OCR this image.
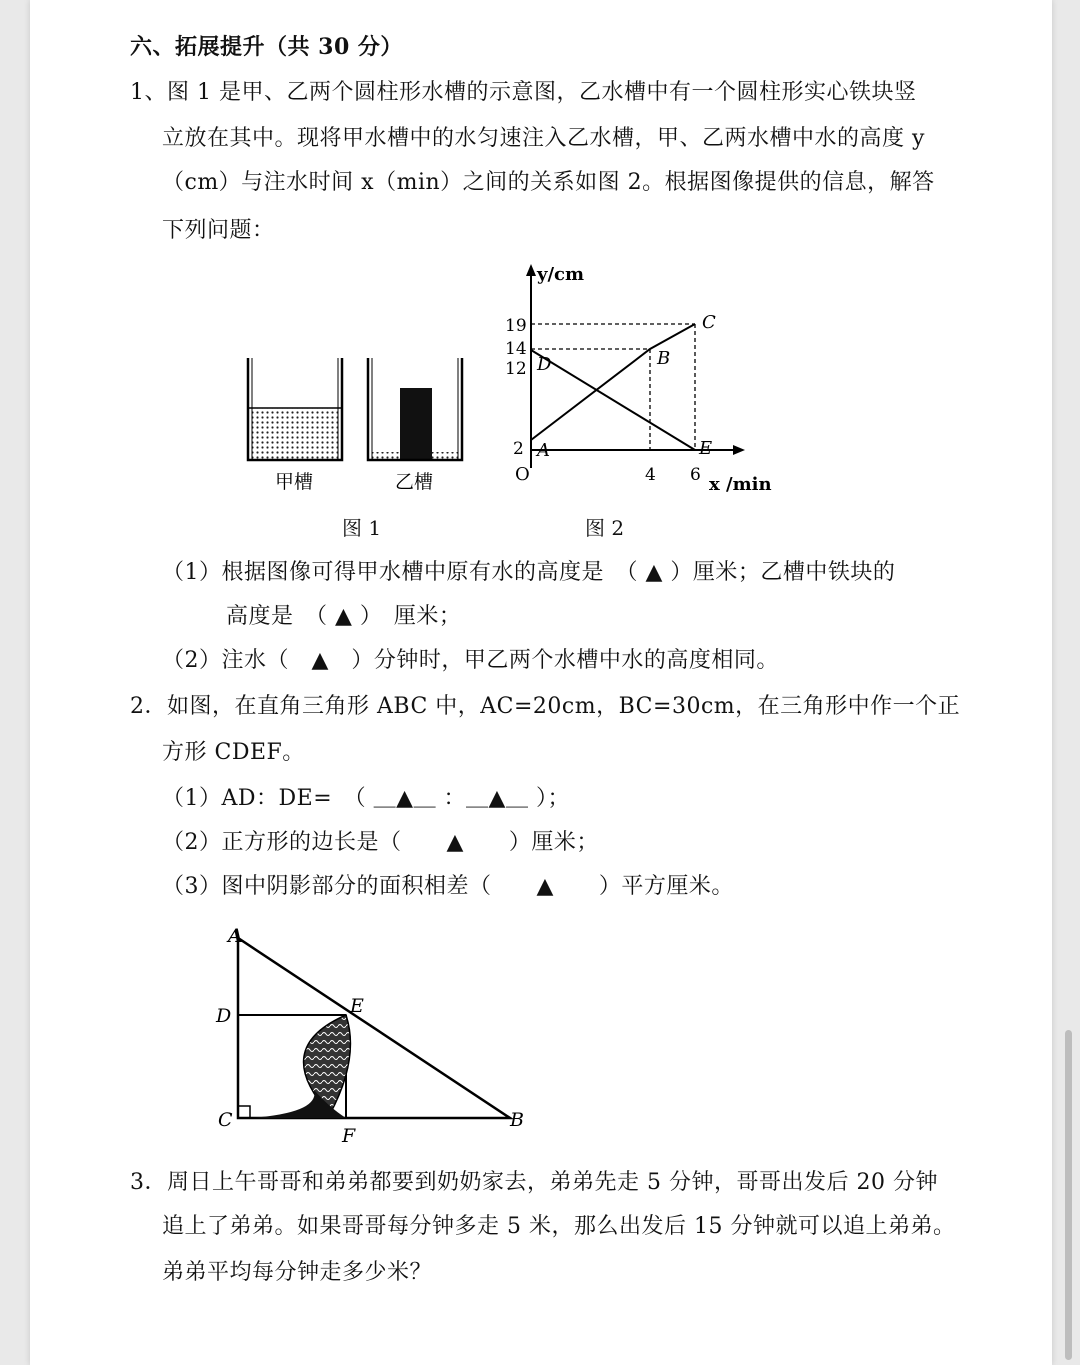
六、拓展提升（共 30 分）
1、图 1 是甲、乙两个圆柱形水槽的示意图，乙水槽中有一个圆柱形实心铁块竖
立放在其中。现将甲水槽中的水匀速注入乙水槽，甲、乙两水槽中水的高度 y
（cm）与注水时间 x（min）之间的关系如图 2。根据图像提供的信息，解答
下列问题：
甲槽	乙槽
图 1
y/cm
x /min
O
19
14
12
2
4 6
A
B
C
D
E
图 2
（1）根据图像可得甲水槽中原有水的高度是　（ ▲ ）厘米；乙槽中铁块的
高度是　（ ▲ ）　厘米；
（2）注水（　▲　）分钟时，甲乙两个水槽中水的高度相同。
2．如图，在直角三角形 ABC 中，AC=20cm，BC=30cm，在三角形中作一个正
方形 CDEF。
（1）AD：DE=　（ ＿▲＿ ：＿▲＿ ）；
（2）正方形的边长是（　　▲　　）厘米；
（3）图中阴影部分的面积相差（　　▲　　）平方厘米。
A
D	E
C
F
B
3．周日上午哥哥和弟弟都要到奶奶家去，弟弟先走 5 分钟，哥哥出发后 20 分钟
追上了弟弟。如果哥哥每分钟多走 5 米，那么出发后 15 分钟就可以追上弟弟。
弟弟平均每分钟走多少米？
